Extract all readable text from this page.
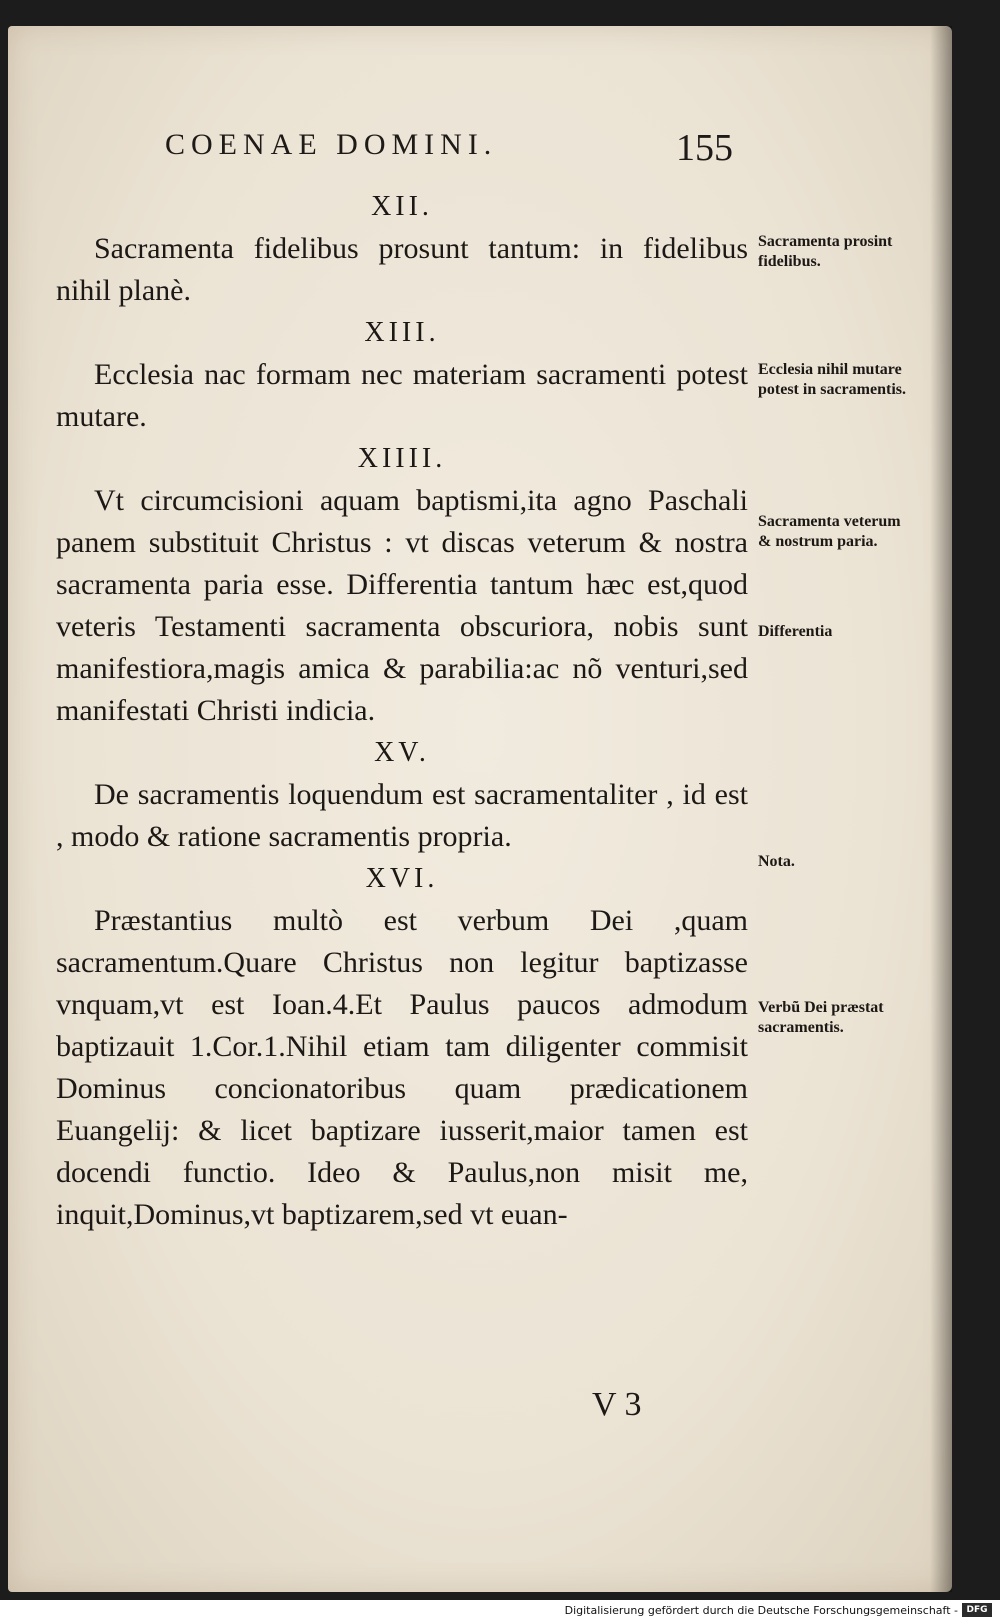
COENAE DOMINI.	155
XII.

Sacramenta fidelibus prosunt tantum: in fidelibus nihil planè.

XIII.

Ecclesia nac formam nec materiam sacramenti potest mutare.

XIIII.

Vt circumcisioni aquam baptismi,ita agno Paschali panem substituit Christus : vt discas veterum & nostra sacramenta paria esse. Differentia tantum hæc est,quod veteris Testamenti sacramenta obscuriora, nobis sunt manifestiora,magis amica & parabilia:ac nõ venturi,sed manifestati Christi indicia.

XV.

De sacramentis loquendum est sacramentaliter , id est , modo & ratione sacramentis propria.

XVI.

Præstantius multò est verbum Dei ,quam sacramentum.Quare Christus non legitur baptizasse vnquam,vt est Ioan.4.Et Paulus paucos admodum baptizauit 1.Cor.1.Nihil etiam tam diligenter commisit Dominus concionatoribus quam prædicationem Euangelij: & licet baptizare iusserit,maior tamen est docendi functio. Ideo & Paulus,non misit me, inquit,Dominus,vt baptizarem,sed vt euan-

Sacramenta prosint fidelibus.
Ecclesia nihil mutare potest in sacramentis.
Sacramenta veterum & nostrum paria.
Differentia
Nota.
Verbũ Dei præstat sacramentis.
V 3
Digitalisierung gefördert durch die Deutsche Forschungsgemeinschaft - DFG
